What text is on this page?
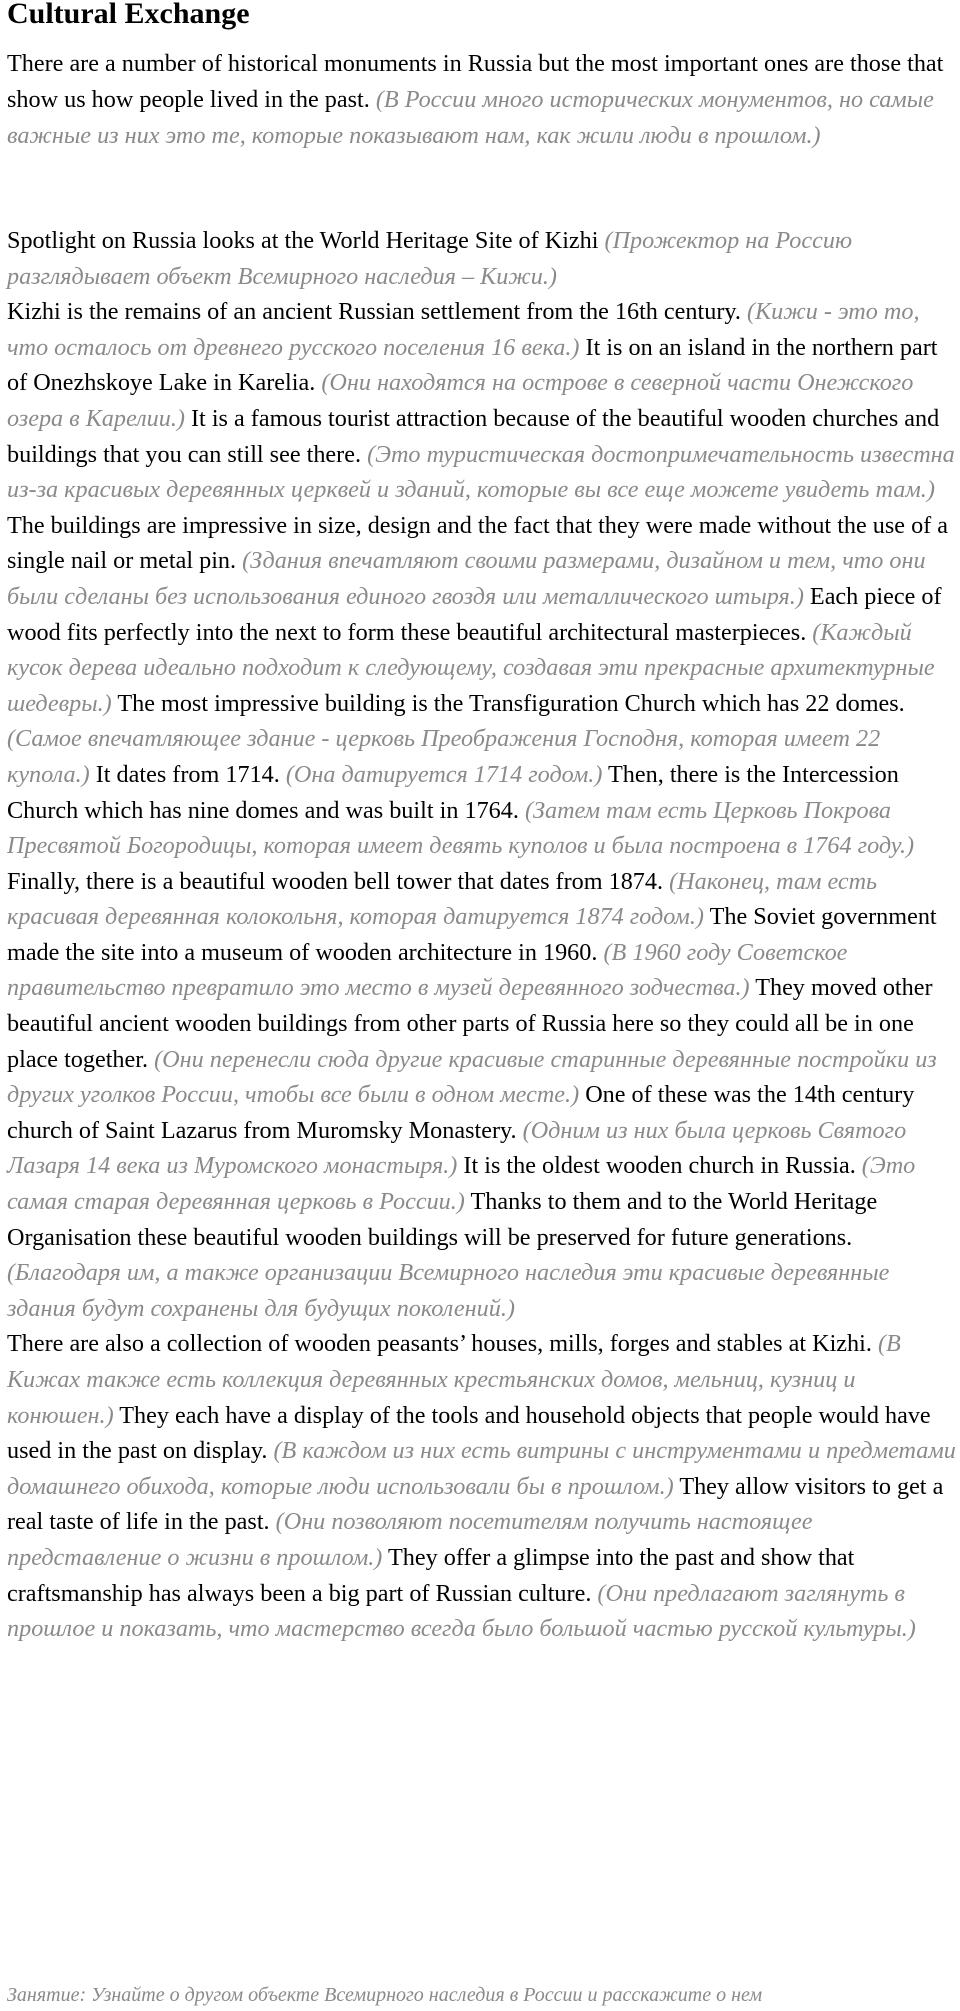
Cultural Exchange

There are a number of historical monuments in Russia but the most important ones are those that show us how people lived in the past. (В России много исторических монументов, но самые важные из них это те, которые показывают нам, как жили люди в прошлом.)

Spotlight on Russia looks at the World Heritage Site of Kizhi (Прожектор на Россию разглядывает объект Всемирного наследия – Кижи.)
Kizhi is the remains of an ancient Russian settlement from the 16th century. (Кижи - это то, что осталось от древнего русского поселения 16 века.) It is on an island in the northern part of Onezhskoye Lake in Karelia. (Они находятся на острове в северной части Онежского озера в Карелии.) It is a famous tourist attraction because of the beautiful wooden churches and buildings that you can still see there. (Это туристическая достопримечательность известна из-за красивых деревянных церквей и зданий, которые вы все еще можете увидеть там.)
The buildings are impressive in size, design and the fact that they were made without the use of a single nail or metal pin. (Здания впечатляют своими размерами, дизайном и тем, что они были сделаны без использования единого гвоздя или металлического штыря.) Each piece of wood fits perfectly into the next to form these beautiful architectural masterpieces. (Каждый кусок дерева идеально подходит к следующему, создавая эти прекрасные архитектурные шедевры.) The most impressive building is the Transfiguration Church which has 22 domes. (Самое впечатляющее здание - церковь Преображения Господня, которая имеет 22 купола.) It dates from 1714. (Она датируется 1714 годом.) Then, there is the Intercession Church which has nine domes and was built in 1764. (Затем там есть Церковь Покрова Пресвятой Богородицы, которая имеет девять куполов и была построена в 1764 году.) Finally, there is a beautiful wooden bell tower that dates from 1874. (Наконец, там есть красивая деревянная колокольня, которая датируется 1874 годом.) The Soviet government made the site into a museum of wooden architecture in 1960. (В 1960 году Советское правительство превратило это место в музей деревянного зодчества.) They moved other beautiful ancient wooden buildings from other parts of Russia here so they could all be in one place together. (Они перенесли сюда другие красивые старинные деревянные постройки из других уголков России, чтобы все были в одном месте.) One of these was the 14th century church of Saint Lazarus from Muromsky Monastery. (Одним из них была церковь Святого Лазаря 14 века из Муромского монастыря.) It is the oldest wooden church in Russia. (Это самая старая деревянная церковь в России.) Thanks to them and to the World Heritage Organisation these beautiful wooden buildings will be preserved for future generations. (Благодаря им, а также организации Всемирного наследия эти красивые деревянные здания будут сохранены для будущих поколений.)
There are also a collection of wooden peasants’ houses, mills, forges and stables at Kizhi. (В Кижах также есть коллекция деревянных крестьянских домов, мельниц, кузниц и конюшен.) They each have a display of the tools and household objects that people would have used in the past on display. (В каждом из них есть витрины с инструментами и предметами домашнего обихода, которые люди использовали бы в прошлом.) They allow visitors to get a real taste of life in the past. (Они позволяют посетителям получить настоящее представление о жизни в прошлом.) They offer a glimpse into the past and show that craftsmanship has always been a big part of Russian culture. (Они предлагают заглянуть в прошлое и показать, что мастерство всегда было большой частью русской культуры.)

Занятие: Узнайте о другом объекте Всемирного наследия в России и расскажите о нем
